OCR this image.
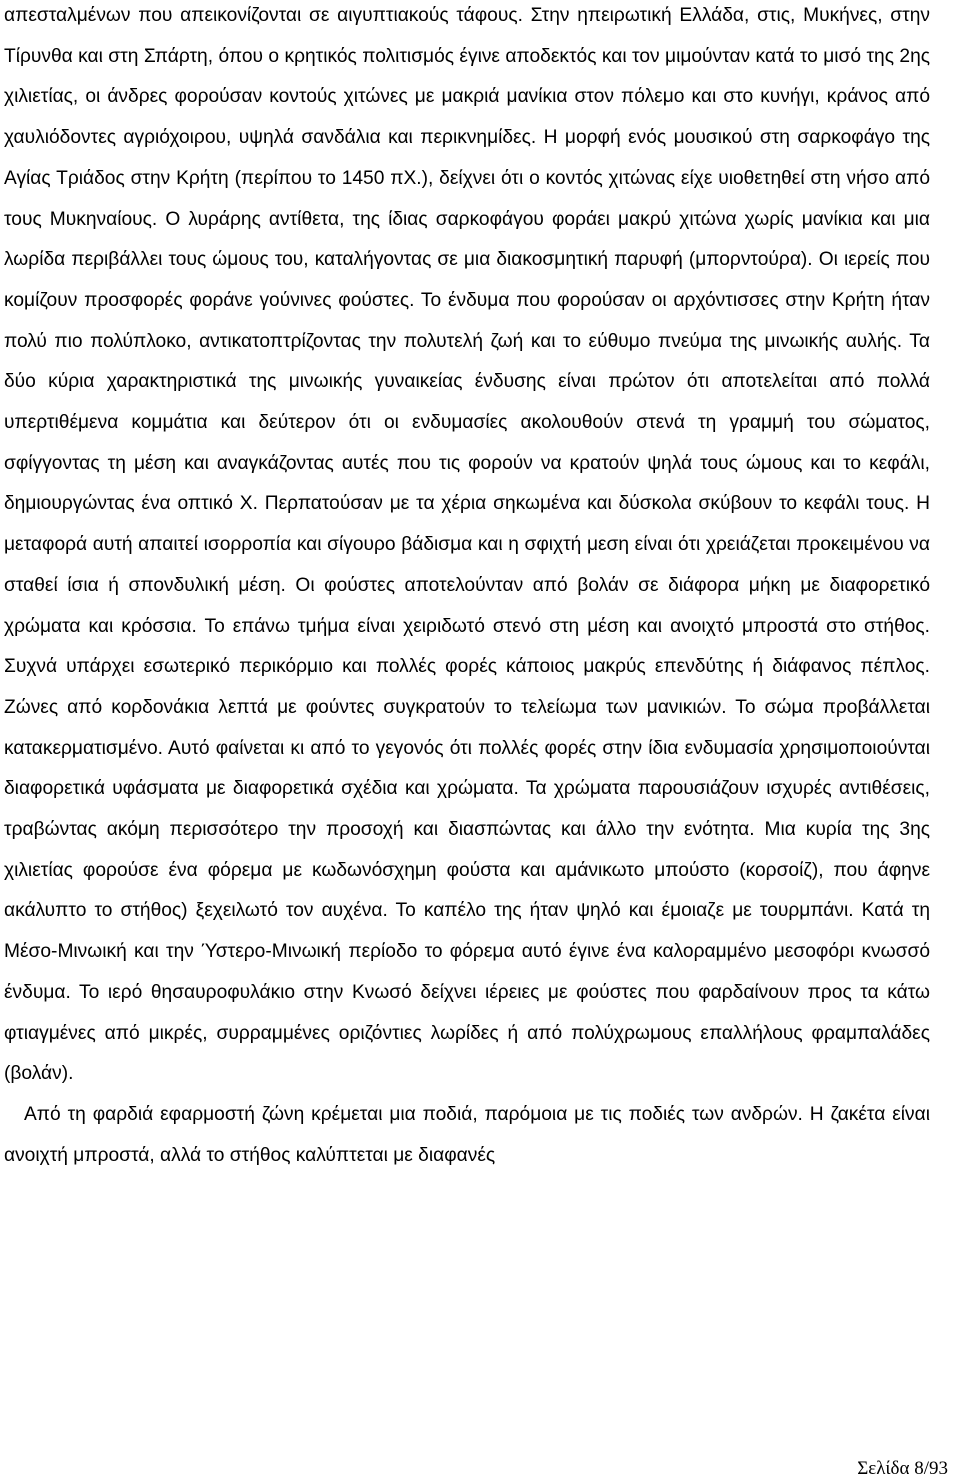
απεσταλμένων που απεικονίζονται σε αιγυπτιακούς τάφους. Στην ηπειρωτική Ελλάδα, στις, Μυκήνες, στην Τίρυνθα και στη Σπάρτη, όπου ο κρητικός πολιτισμός έγινε αποδεκτός και τον μιμούνταν κατά το μισό της 2ης χιλιετίας, οι άνδρες φορούσαν κοντούς χιτώνες με μακριά μανίκια στον πόλεμο και στο κυνήγι, κράνος από χαυλιόδοντες αγριόχοιρου, υψηλά σανδάλια και περικνημίδες. Η μορφή ενός μουσικού στη σαρκοφάγο της Αγίας Τριάδος στην Κρήτη (περίπου το 1450 πΧ.), δείχνει ότι ο κοντός χιτώνας είχε υιοθετηθεί στη νήσο από τους Μυκηναίους. Ο λυράρης αντίθετα, της ίδιας σαρκοφάγου φοράει μακρύ χιτώνα χωρίς μανίκια και μια λωρίδα περιβάλλει τους ώμους του, καταλήγοντας σε μια διακοσμητική παρυφή (μπορντούρα). Οι ιερείς που κομίζουν προσφορές φοράνε γούνινες φούστες. Το ένδυμα που φορούσαν οι αρχόντισσες στην Κρήτη ήταν πολύ πιο πολύπλοκο, αντικατοπτρίζοντας την πολυτελή ζωή και το εύθυμο πνεύμα της μινωικής αυλής. Τα δύο κύρια χαρακτηριστικά της μινωικής γυναικείας ένδυσης είναι πρώτον ότι αποτελείται από πολλά υπερτιθέμενα κομμάτια και δεύτερον ότι οι ενδυμασίες ακολουθούν στενά τη γραμμή του σώματος, σφίγγοντας τη μέση και αναγκάζοντας αυτές που τις φορούν να κρατούν ψηλά τους ώμους και το κεφάλι, δημιουργώντας ένα οπτικό Χ. Περπατούσαν με τα χέρια σηκωμένα και δύσκολα σκύβουν το κεφάλι τους. Η μεταφορά αυτή απαιτεί ισορροπία και σίγουρο βάδισμα και η σφιχτή μεση είναι ότι χρειάζεται προκειμένου να σταθεί ίσια ή σπονδυλική μέση. Οι φούστες αποτελούνταν από βολάν σε διάφορα μήκη με διαφορετικό χρώματα και κρόσσια. Το επάνω τμήμα είναι χειριδωτό στενό στη μέση και ανοιχτό μπροστά στο στήθος. Συχνά υπάρχει εσωτερικό περικόρμιο και πολλές φορές κάποιος μακρύς επενδύτης ή διάφανος πέπλος. Ζώνες από κορδονάκια λεπτά με φούντες συγκρατούν το τελείωμα των μανικιών. Το σώμα προβάλλεται κατακερματισμένο. Αυτό φαίνεται κι από το γεγονός ότι πολλές φορές στην ίδια ενδυμασία χρησιμοποιούνται διαφορετικά υφάσματα με διαφορετικά σχέδια και χρώματα. Τα χρώματα παρουσιάζουν ισχυρές αντιθέσεις, τραβώντας ακόμη περισσότερο την προσοχή και διασπώντας και άλλο την ενότητα. Μια κυρία της 3ης χιλιετίας φορούσε ένα φόρεμα με κωδωνόσχημη φούστα και αμάνικωτο μπούστο (κορσοίζ), που άφηνε ακάλυπτο το στήθος) ξεχειλωτό τον αυχένα. Το καπέλο της ήταν ψηλό και έμοιαζε με τουρμπάνι. Κατά τη Μέσο-Μινωική και την Ύστερο-Μινωική περίοδο το φόρεμα αυτό έγινε ένα καλοραμμένο μεσοφόρι κνωσσό ένδυμα. Το ιερό θησαυροφυλάκιο στην Κνωσό δείχνει ιέρειες με φούστες που φαρδαίνουν προς τα κάτω φτιαγμένες από μικρές, συρραμμένες οριζόντιες λωρίδες ή από πολύχρωμους επαλλήλους φραμπαλάδες (βολάν).

Από τη φαρδιά εφαρμοστή ζώνη κρέμεται μια ποδιά, παρόμοια με τις ποδιές των ανδρών. Η ζακέτα είναι ανοιχτή μπροστά, αλλά το στήθος καλύπτεται με διαφανές

Σελίδα 8/93
